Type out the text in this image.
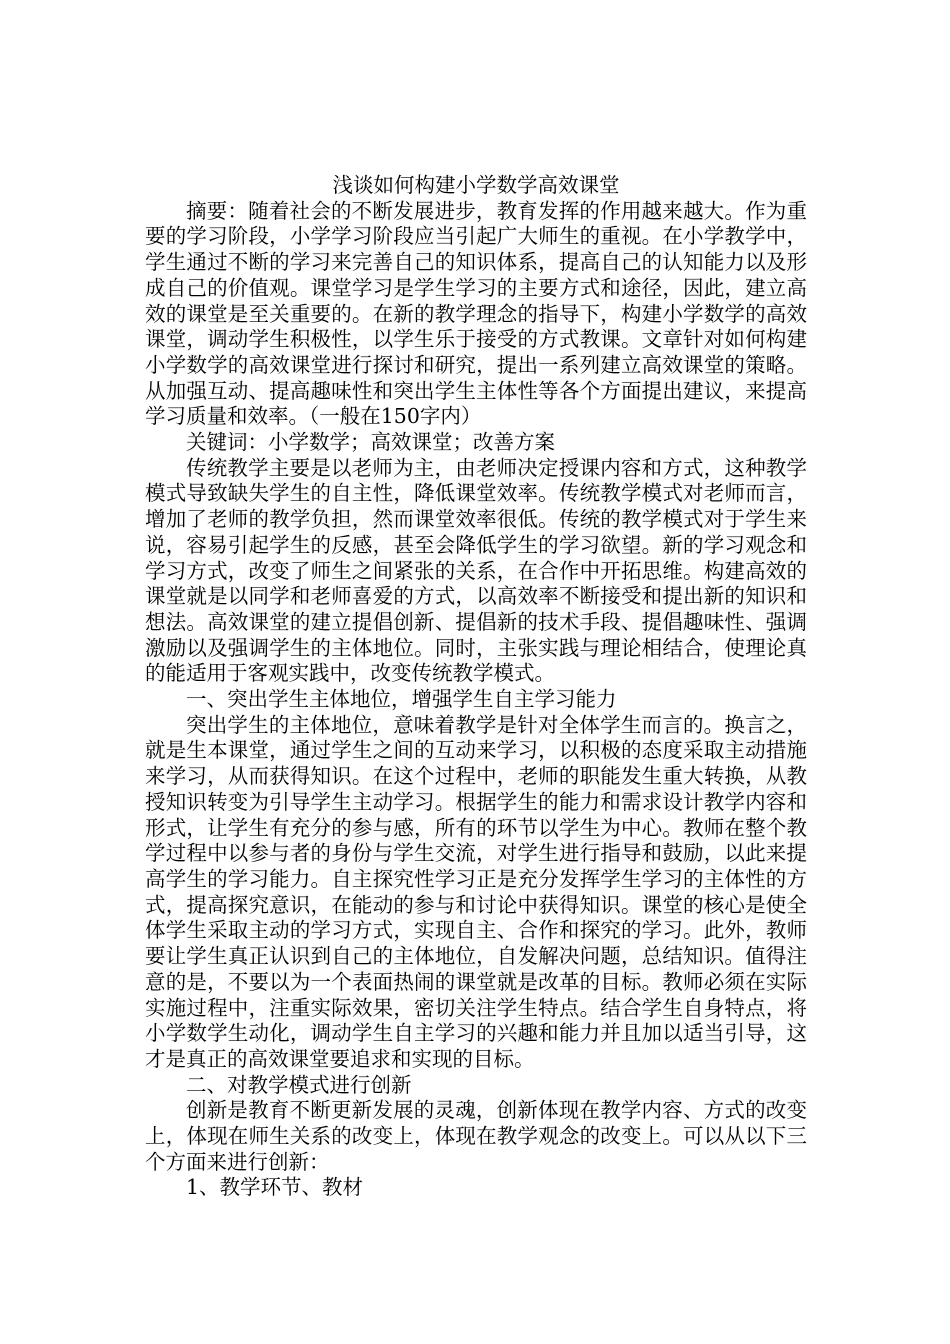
浅谈如何构建小学数学高效课堂

摘要：随着社会的不断发展进步，教育发挥的作用越来越大。作为重要的学习阶段，小学学习阶段应当引起广大师生的重视。在小学教学中，学生通过不断的学习来完善自己的知识体系，提高自己的认知能力以及形成自己的价值观。课堂学习是学生学习的主要方式和途径，因此，建立高效的课堂是至关重要的。在新的教学理念的指导下，构建小学数学的高效课堂，调动学生积极性，以学生乐于接受的方式教课。文章针对如何构建小学数学的高效课堂进行探讨和研究，提出一系列建立高效课堂的策略。从加强互动、提高趣味性和突出学生主体性等各个方面提出建议，来提高学习质量和效率。（一般在150字内）

关键词：小学数学；高效课堂；改善方案

传统教学主要是以老师为主，由老师决定授课内容和方式，这种教学模式导致缺失学生的自主性，降低课堂效率。传统教学模式对老师而言，增加了老师的教学负担，然而课堂效率很低。传统的教学模式对于学生来说，容易引起学生的反感，甚至会降低学生的学习欲望。新的学习观念和学习方式，改变了师生之间紧张的关系，在合作中开拓思维。构建高效的课堂就是以同学和老师喜爱的方式，以高效率不断接受和提出新的知识和想法。高效课堂的建立提倡创新、提倡新的技术手段、提倡趣味性、强调激励以及强调学生的主体地位。同时，主张实践与理论相结合，使理论真的能适用于客观实践中，改变传统教学模式。

一、突出学生主体地位，增强学生自主学习能力

突出学生的主体地位，意味着教学是针对全体学生而言的。换言之，就是生本课堂，通过学生之间的互动来学习，以积极的态度采取主动措施来学习，从而获得知识。在这个过程中，老师的职能发生重大转换，从教授知识转变为引导学生主动学习。根据学生的能力和需求设计教学内容和形式，让学生有充分的参与感，所有的环节以学生为中心。教师在整个教学过程中以参与者的身份与学生交流，对学生进行指导和鼓励，以此来提高学生的学习能力。自主探究性学习正是充分发挥学生学习的主体性的方式，提高探究意识，在能动的参与和讨论中获得知识。课堂的核心是使全体学生采取主动的学习方式，实现自主、合作和探究的学习。此外，教师要让学生真正认识到自己的主体地位，自发解决问题，总结知识。值得注意的是，不要以为一个表面热闹的课堂就是改革的目标。教师必须在实际实施过程中，注重实际效果，密切关注学生特点。结合学生自身特点，将小学数学生动化，调动学生自主学习的兴趣和能力并且加以适当引导，这才是真正的高效课堂要追求和实现的目标。

二、对教学模式进行创新

创新是教育不断更新发展的灵魂，创新体现在教学内容、方式的改变上，体现在师生关系的改变上，体现在教学观念的改变上。可以从以下三个方面来进行创新：

1、教学环节、教材
